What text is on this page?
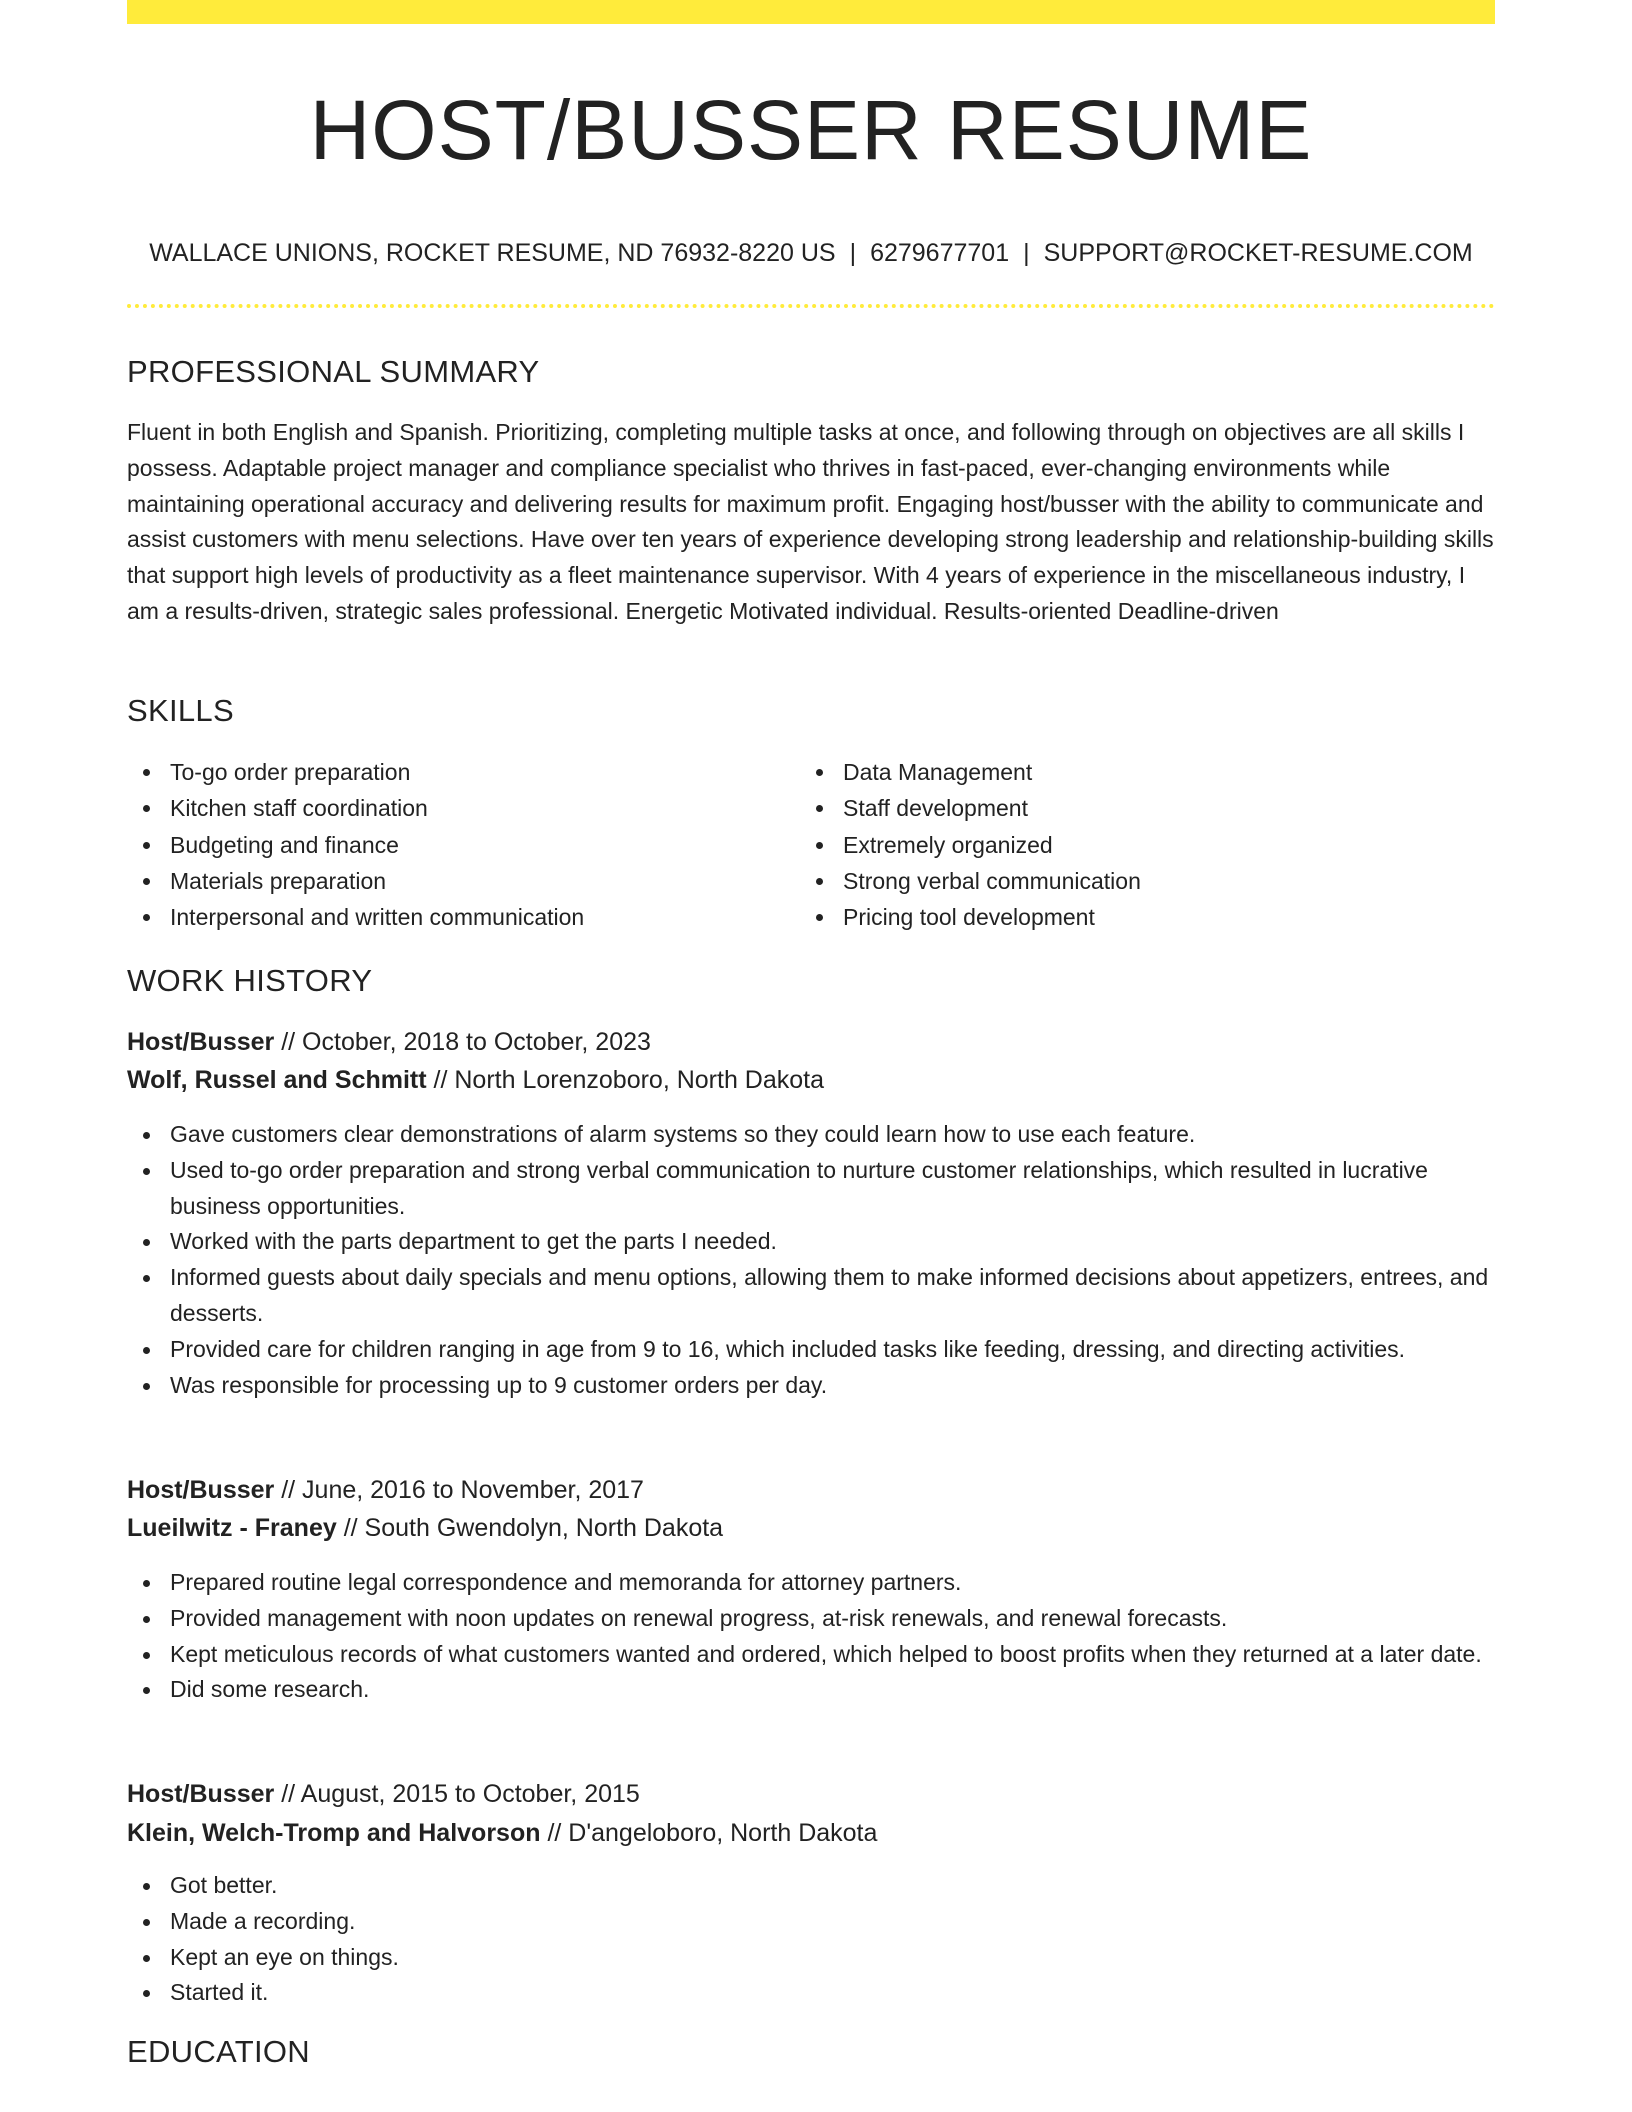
HOST/BUSSER RESUME
WALLACE UNIONS, ROCKET RESUME, ND 76932-8220 US | 6279677701 | SUPPORT@ROCKET-RESUME.COM
PROFESSIONAL SUMMARY

Fluent in both English and Spanish. Prioritizing, completing multiple tasks at once, and following through on objectives are all skills I possess. Adaptable project manager and compliance specialist who thrives in fast-paced, ever-changing environments while maintaining operational accuracy and delivering results for maximum profit. Engaging host/busser with the ability to communicate and assist customers with menu selections. Have over ten years of experience developing strong leadership and relationship-building skills that support high levels of productivity as a fleet maintenance supervisor. With 4 years of experience in the miscellaneous industry, I am a results-driven, strategic sales professional. Energetic Motivated individual. Results-oriented Deadline-driven

SKILLS
To-go order preparation
Kitchen staff coordination
Budgeting and finance
Materials preparation
Interpersonal and written communication
Data Management
Staff development
Extremely organized
Strong verbal communication
Pricing tool development
WORK HISTORY
Host/Busser // October, 2018 to October, 2023
Wolf, Russel and Schmitt // North Lorenzoboro, North Dakota
Gave customers clear demonstrations of alarm systems so they could learn how to use each feature.
Used to-go order preparation and strong verbal communication to nurture customer relationships, which resulted in lucrative business opportunities.
Worked with the parts department to get the parts I needed.
Informed guests about daily specials and menu options, allowing them to make informed decisions about appetizers, entrees, and desserts.
Provided care for children ranging in age from 9 to 16, which included tasks like feeding, dressing, and directing activities.
Was responsible for processing up to 9 customer orders per day.
Host/Busser // June, 2016 to November, 2017
Lueilwitz - Franey // South Gwendolyn, North Dakota
Prepared routine legal correspondence and memoranda for attorney partners.
Provided management with noon updates on renewal progress, at-risk renewals, and renewal forecasts.
Kept meticulous records of what customers wanted and ordered, which helped to boost profits when they returned at a later date.
Did some research.
Host/Busser // August, 2015 to October, 2015
Klein, Welch-Tromp and Halvorson // D'angeloboro, North Dakota
Got better.
Made a recording.
Kept an eye on things.
Started it.
EDUCATION
